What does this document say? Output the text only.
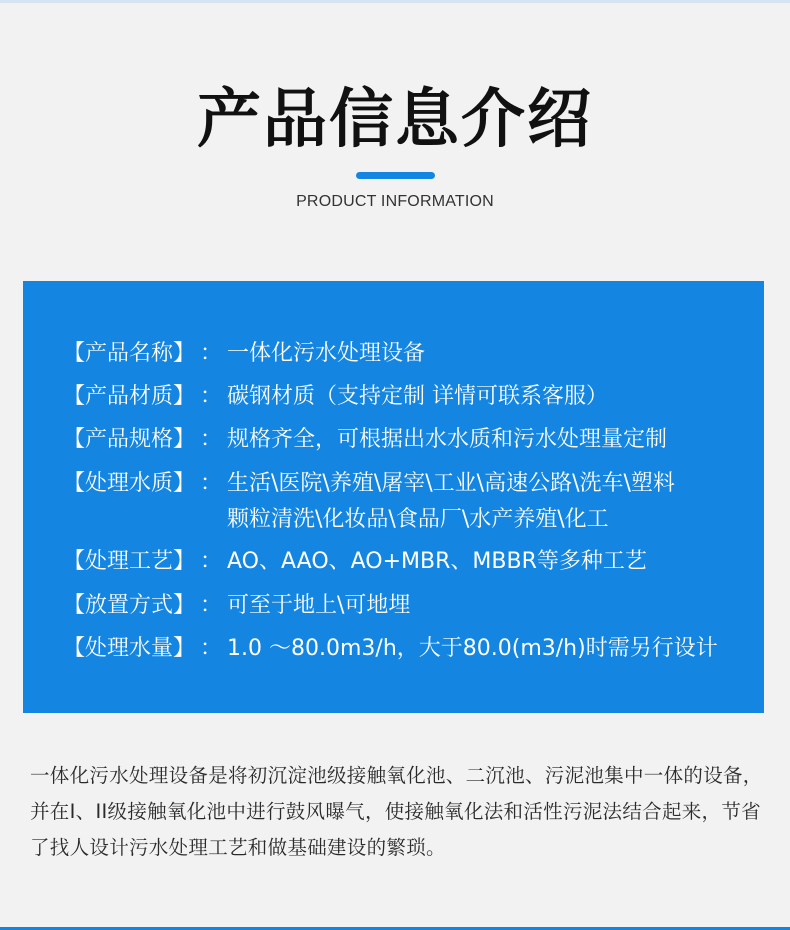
产品信息介绍
PRODUCT INFORMATION
【产品名称】 ： 一体化污水处理设备
【产品材质】 ： 碳钢材质（支持定制 详情可联系客服）
【产品规格】 ： 规格齐全，可根据出水水质和污水处理量定制
【处理水质】 ： 生活\医院\养殖\屠宰\工业\高速公路\洗车\塑料
颗粒清洗\化妆品\食品厂\水产养殖\化工
【处理工艺】 ： AO、AAO、AO+MBR、MBBR等多种工艺
【放置方式】 ： 可至于地上\可地埋
【处理水量】 ： 1.0 ～80.0m3/h，大于80.0(m3/h)时需另行设计
一体化污水处理设备是将初沉淀池级接触氧化池、二沉池、污泥池集中一体的设备，并在I、II级接触氧化池中进行鼓风曝气，使接触氧化法和活性污泥法结合起来，节省了找人设计污水处理工艺和做基础建设的繁琐。
